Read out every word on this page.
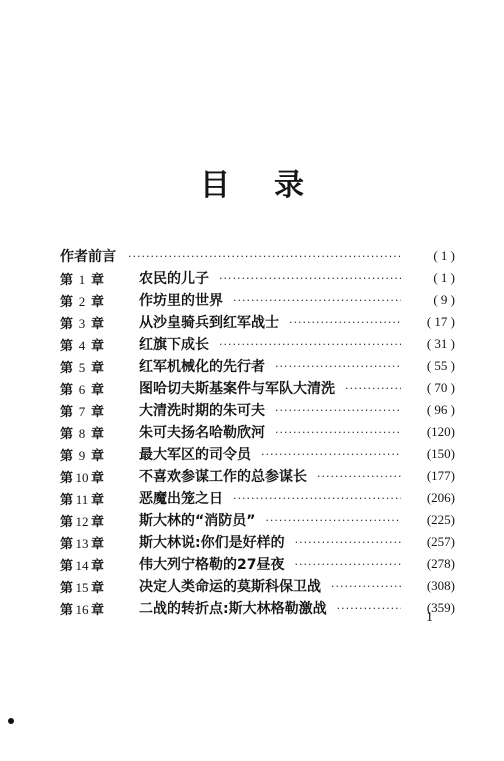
目 录
作者前言 ·····	( 1 )
第 1 章	农民的儿子 ·····	( 1 )
第 2 章	作坊里的世界 ·····	( 9 )
第 3 章	从沙皇骑兵到红军战士 ·····	( 17 )
第 4 章	红旗下成长 ·····	( 31 )
第 5 章	红军机械化的先行者 ·····	( 55 )
第 6 章	图哈切夫斯基案件与军队大清洗 ·····	( 70 )
第 7 章	大清洗时期的朱可夫 ·····	( 96 )
第 8 章	朱可夫扬名哈勒欣河 ·····	(120)
第 9 章	最大军区的司令员 ·····	(150)
第 10 章	不喜欢参谋工作的总参谋长 ·····	(177)
第 11 章	恶魔出笼之日 ·····	(206)
第 12 章	斯大林的“消防员” ·····	(225)
第 13 章	斯大林说:你们是好样的 ·····	(257)
第 14 章	伟大列宁格勒的27昼夜 ·····	(278)
第 15 章	决定人类命运的莫斯科保卫战 ·····	(308)
第 16 章	二战的转折点:斯大林格勒激战 ·····	(359)
1
